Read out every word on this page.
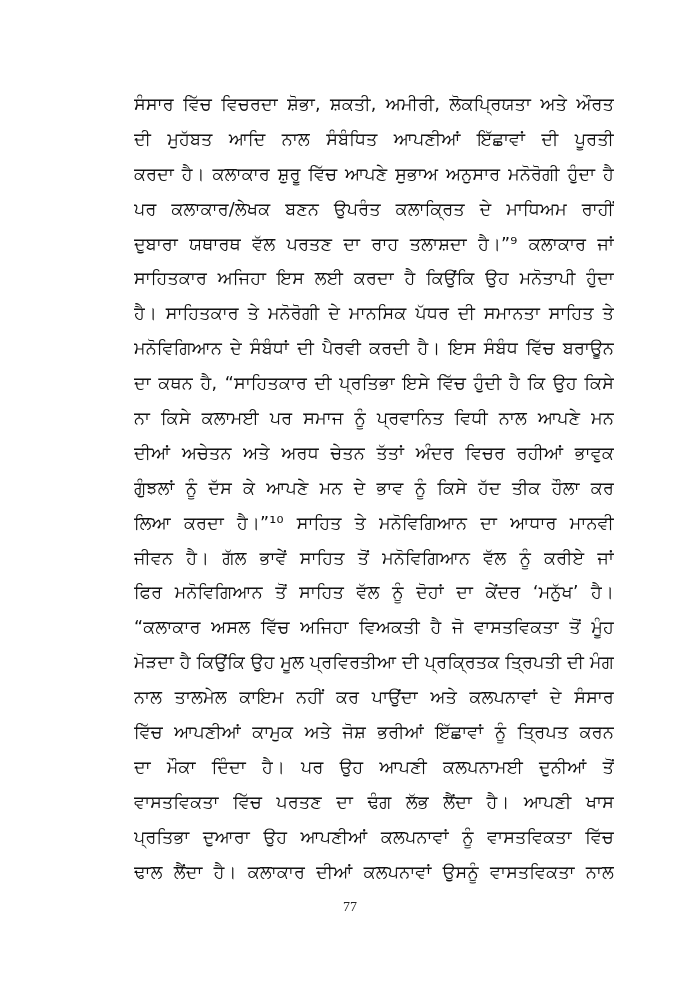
ਸੰਸਾਰ ਵਿੱਚ ਵਿਚਰਦਾ ਸ਼ੋਭਾ, ਸ਼ਕਤੀ, ਅਮੀਰੀ, ਲੋਕਪ੍ਰਿਯਤਾ ਅਤੇ ਔਰਤ
ਦੀ ਮੁਹੱਬਤ ਆਦਿ ਨਾਲ ਸੰਬੰਧਿਤ ਆਪਣੀਆਂ ਇੱਛਾਵਾਂ ਦੀ ਪੂਰਤੀ
ਕਰਦਾ ਹੈ। ਕਲਾਕਾਰ ਸ਼ੁਰੂ ਵਿੱਚ ਆਪਣੇ ਸੁਭਾਅ ਅਨੁਸਾਰ ਮਨੋਰੋਗੀ ਹੁੰਦਾ ਹੈ
ਪਰ ਕਲਾਕਾਰ/ਲੇਖਕ ਬਣਨ ਉਪਰੰਤ ਕਲਾਕ੍ਰਿਤ ਦੇ ਮਾਧਿਅਮ ਰਾਹੀਂ
ਦੁਬਾਰਾ ਯਥਾਰਥ ਵੱਲ ਪਰਤਣ ਦਾ ਰਾਹ ਤਲਾਸ਼ਦਾ ਹੈ।”⁹ ਕਲਾਕਾਰ ਜਾਂ
ਸਾਹਿਤਕਾਰ ਅਜਿਹਾ ਇਸ ਲਈ ਕਰਦਾ ਹੈ ਕਿਉਂਕਿ ਉਹ ਮਨੋਤਾਪੀ ਹੁੰਦਾ
ਹੈ। ਸਾਹਿਤਕਾਰ ਤੇ ਮਨੋਰੋਗੀ ਦੇ ਮਾਨਸਿਕ ਪੱਧਰ ਦੀ ਸਮਾਨਤਾ ਸਾਹਿਤ ਤੇ
ਮਨੋਵਿਗਿਆਨ ਦੇ ਸੰਬੰਧਾਂ ਦੀ ਪੈਰਵੀ ਕਰਦੀ ਹੈ। ਇਸ ਸੰਬੰਧ ਵਿੱਚ ਬਰਾਊਨ
ਦਾ ਕਥਨ ਹੈ, “ਸਾਹਿਤਕਾਰ ਦੀ ਪ੍ਰਤਿਭਾ ਇਸੇ ਵਿੱਚ ਹੁੰਦੀ ਹੈ ਕਿ ਉਹ ਕਿਸੇ
ਨਾ ਕਿਸੇ ਕਲਾਮਈ ਪਰ ਸਮਾਜ ਨੂੰ ਪ੍ਰਵਾਨਿਤ ਵਿਧੀ ਨਾਲ ਆਪਣੇ ਮਨ
ਦੀਆਂ ਅਚੇਤਨ ਅਤੇ ਅਰਧ ਚੇਤਨ ਤੱਤਾਂ ਅੰਦਰ ਵਿਚਰ ਰਹੀਆਂ ਭਾਵੁਕ
ਗੁੰਝਲਾਂ ਨੂੰ ਦੱਸ ਕੇ ਆਪਣੇ ਮਨ ਦੇ ਭਾਵ ਨੂੰ ਕਿਸੇ ਹੱਦ ਤੀਕ ਹੌਲਾ ਕਰ
ਲਿਆ ਕਰਦਾ ਹੈ।”¹⁰ ਸਾਹਿਤ ਤੇ ਮਨੋਵਿਗਿਆਨ ਦਾ ਆਧਾਰ ਮਾਨਵੀ
ਜੀਵਨ ਹੈ। ਗੱਲ ਭਾਵੇਂ ਸਾਹਿਤ ਤੋਂ ਮਨੋਵਿਗਿਆਨ ਵੱਲ ਨੂੰ ਕਰੀਏ ਜਾਂ
ਫਿਰ ਮਨੋਵਿਗਿਆਨ ਤੋਂ ਸਾਹਿਤ ਵੱਲ ਨੂੰ ਦੋਹਾਂ ਦਾ ਕੇਂਦਰ ‘ਮਨੁੱਖ’ ਹੈ।
“ਕਲਾਕਾਰ ਅਸਲ ਵਿੱਚ ਅਜਿਹਾ ਵਿਅਕਤੀ ਹੈ ਜੋ ਵਾਸਤਵਿਕਤਾ ਤੋਂ ਮੂੰਹ
ਮੋੜਦਾ ਹੈ ਕਿਉਂਕਿ ਉਹ ਮੂਲ ਪ੍ਰਵਿਰਤੀਆ ਦੀ ਪ੍ਰਕ੍ਰਿਤਕ ਤ੍ਰਿਪਤੀ ਦੀ ਮੰਗ
ਨਾਲ ਤਾਲਮੇਲ ਕਾਇਮ ਨਹੀਂ ਕਰ ਪਾਉਂਦਾ ਅਤੇ ਕਲਪਨਾਵਾਂ ਦੇ ਸੰਸਾਰ
ਵਿੱਚ ਆਪਣੀਆਂ ਕਾਮੁਕ ਅਤੇ ਜੋਸ਼ ਭਰੀਆਂ ਇੱਛਾਵਾਂ ਨੂੰ ਤ੍ਰਿਪਤ ਕਰਨ
ਦਾ ਮੌਕਾ ਦਿੰਦਾ ਹੈ। ਪਰ ਉਹ ਆਪਣੀ ਕਲਪਨਾਮਈ ਦੁਨੀਆਂ ਤੋਂ
ਵਾਸਤਵਿਕਤਾ ਵਿੱਚ ਪਰਤਣ ਦਾ ਢੰਗ ਲੱਭ ਲੈਂਦਾ ਹੈ। ਆਪਣੀ ਖਾਸ
ਪ੍ਰਤਿਭਾ ਦੁਆਰਾ ਉਹ ਆਪਣੀਆਂ ਕਲਪਨਾਵਾਂ ਨੂੰ ਵਾਸਤਵਿਕਤਾ ਵਿੱਚ
ਢਾਲ ਲੈਂਦਾ ਹੈ। ਕਲਾਕਾਰ ਦੀਆਂ ਕਲਪਨਾਵਾਂ ਉਸਨੂੰ ਵਾਸਤਵਿਕਤਾ ਨਾਲ
77
